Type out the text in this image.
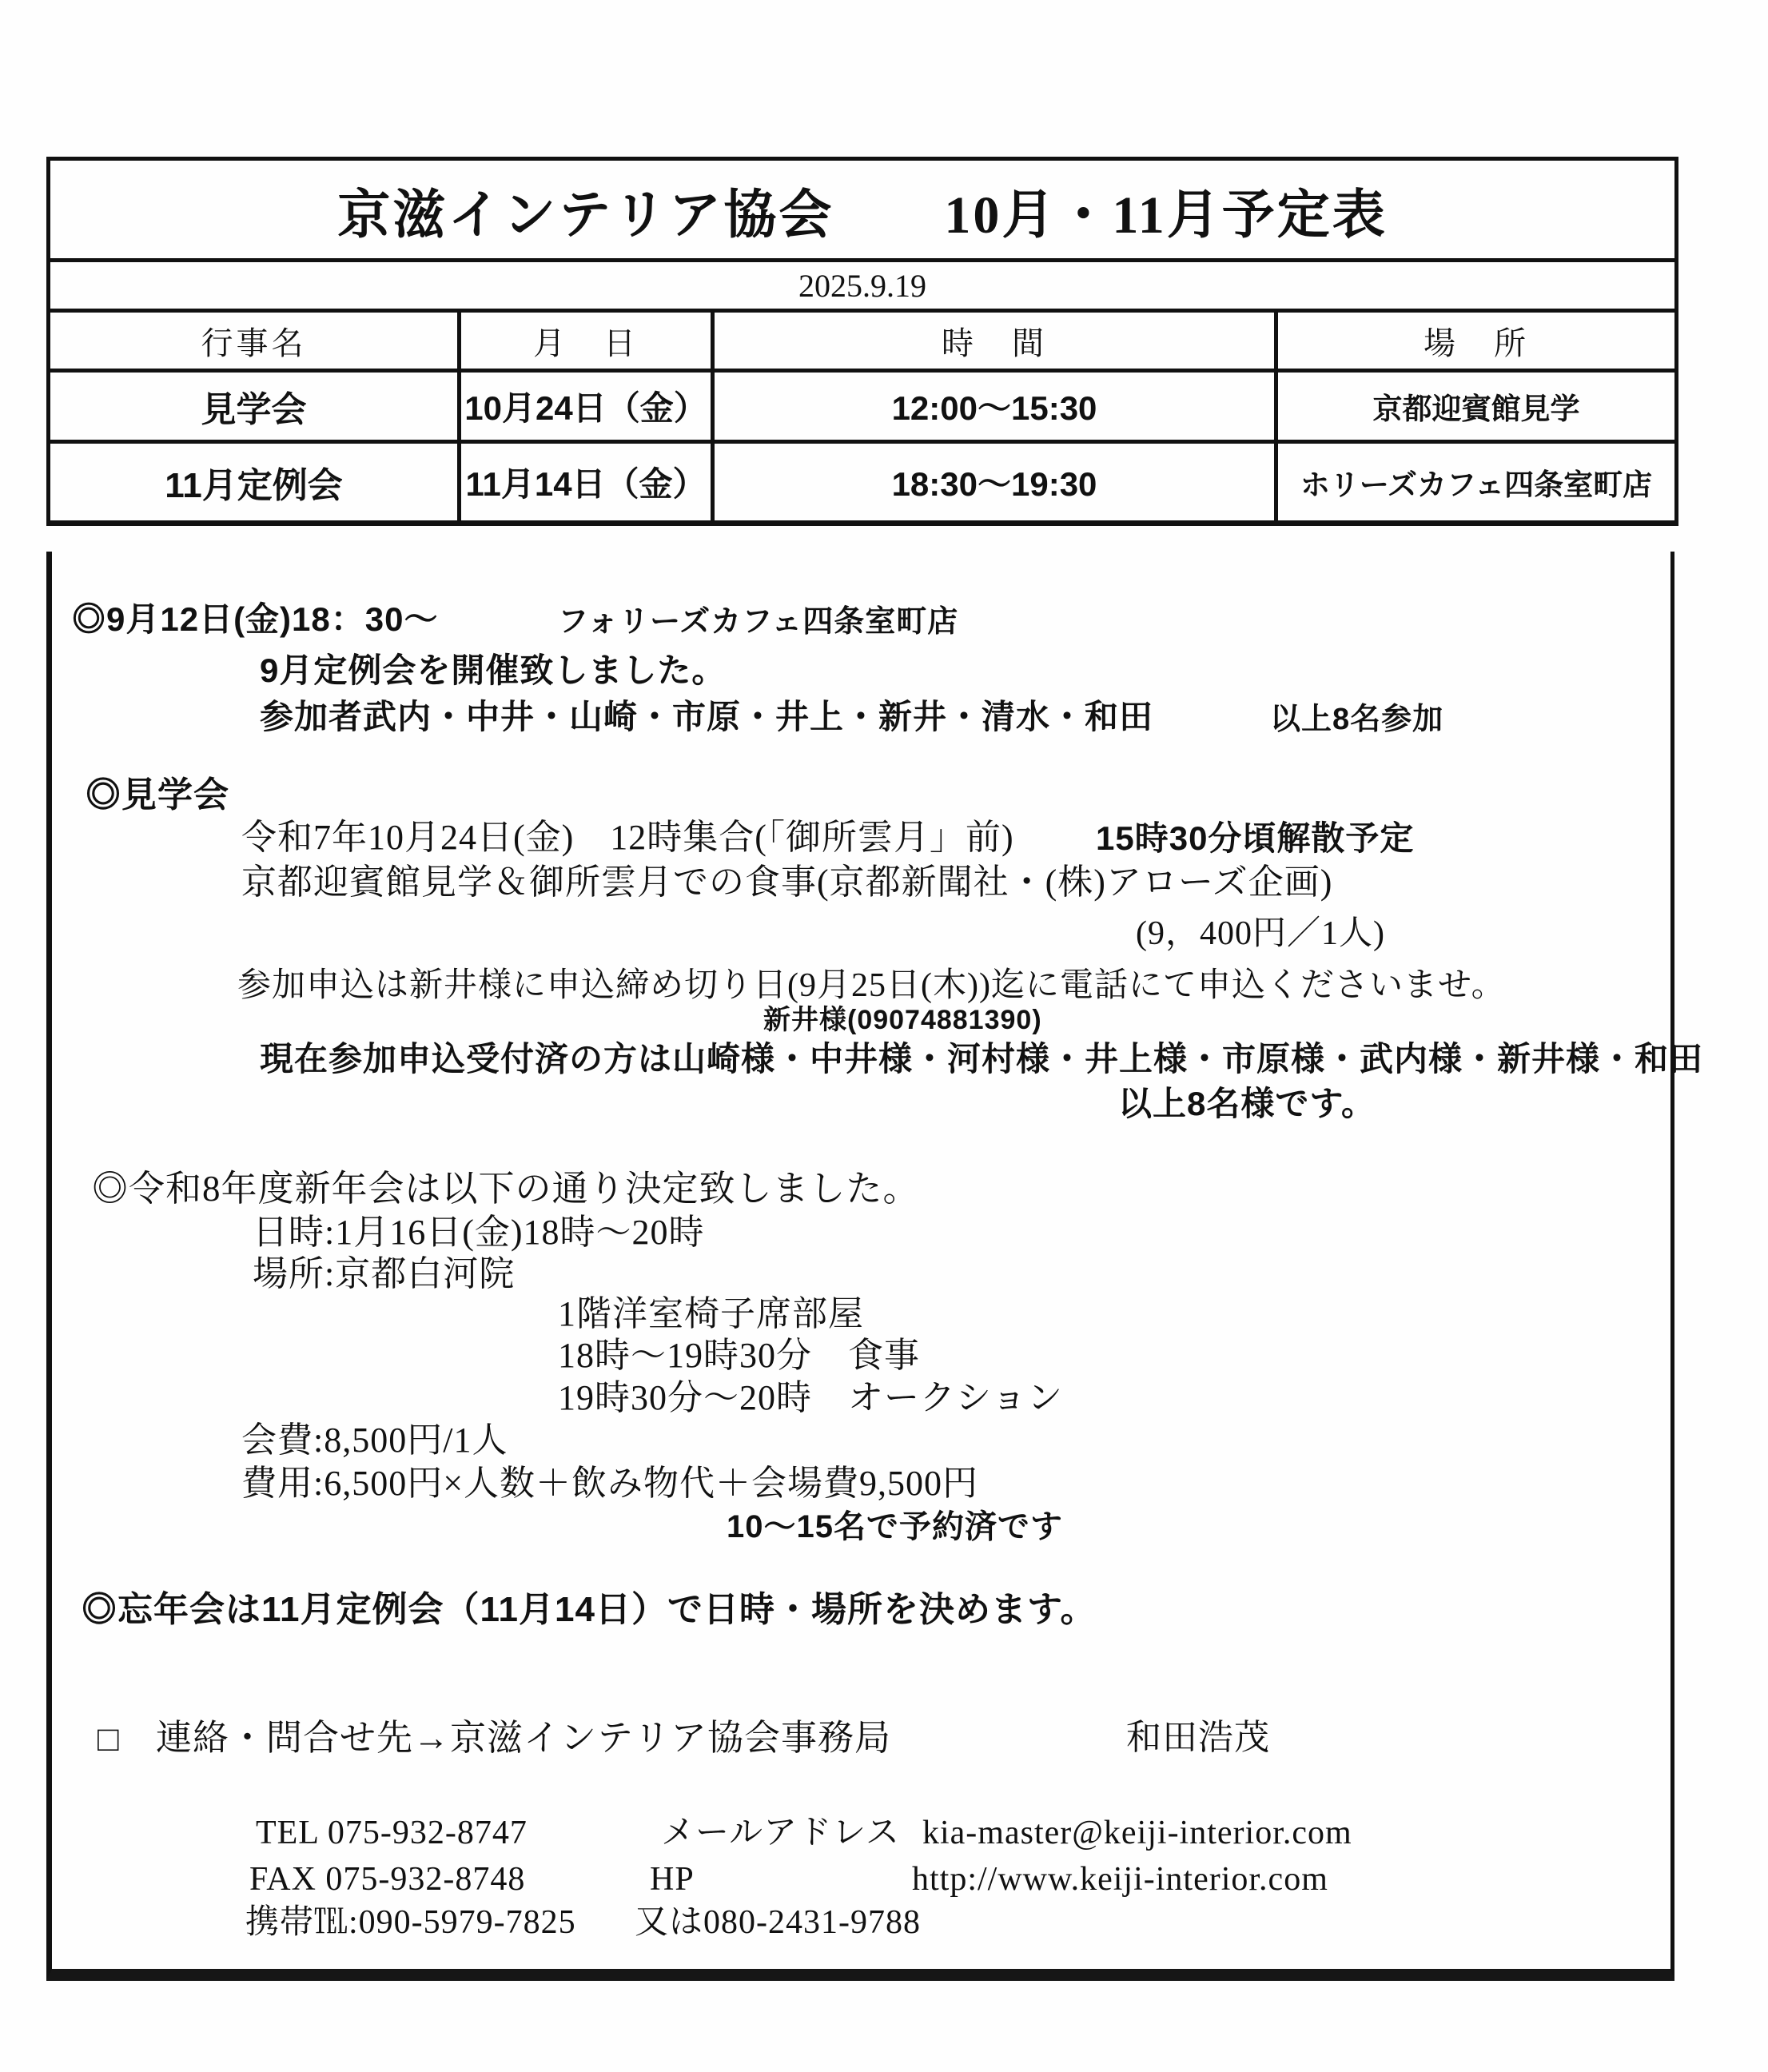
京滋インテリア協会　　10月・11月予定表			
2025.9.19			
行事名	月　日	時　間	場　所
見学会	10月24日（金）	12:00～15:30	京都迎賓館見学
11月定例会	11月14日（金）	18:30～19:30	ホリーズカフェ四条室町店
◎9月12日(金)18：30～	フォリーズカフェ四条室町店
9月定例会を開催致しました。
参加者武内・中井・山崎・市原・井上・新井・清水・和田	以上8名参加
◎見学会
令和7年10月24日(金)　12時集合(「御所雲月」前) 15時30分頃解散予定
京都迎賓館見学＆御所雲月での食事(京都新聞社・(株)アローズ企画)
(9，400円／1人)
参加申込は新井様に申込締め切り日(9月25日(木))迄に電話にて申込くださいませ。
新井様(09074881390)
現在参加申込受付済の方は山崎様・中井様・河村様・井上様・市原様・武内様・新井様・和田
以上8名様です。
◎令和8年度新年会は以下の通り決定致しました。
日時:1月16日(金)18時～20時
場所:京都白河院
1階洋室椅子席部屋
18時～19時30分　食事
19時30分～20時　オークション
会費:8,500円/1人
費用:6,500円×人数＋飲み物代＋会場費9,500円
10～15名で予約済です
◎忘年会は11月定例会（11月14日）で日時・場所を決めます。
□ 連絡・問合せ先→京滋インテリア協会事務局	和田浩茂
TEL 075-932-8747	メールアドレス kia-master@keiji-interior.com
FAX 075-932-8748	HP	http://www.keiji-interior.com
携帯℡:090-5979-7825 又は080-2431-9788
